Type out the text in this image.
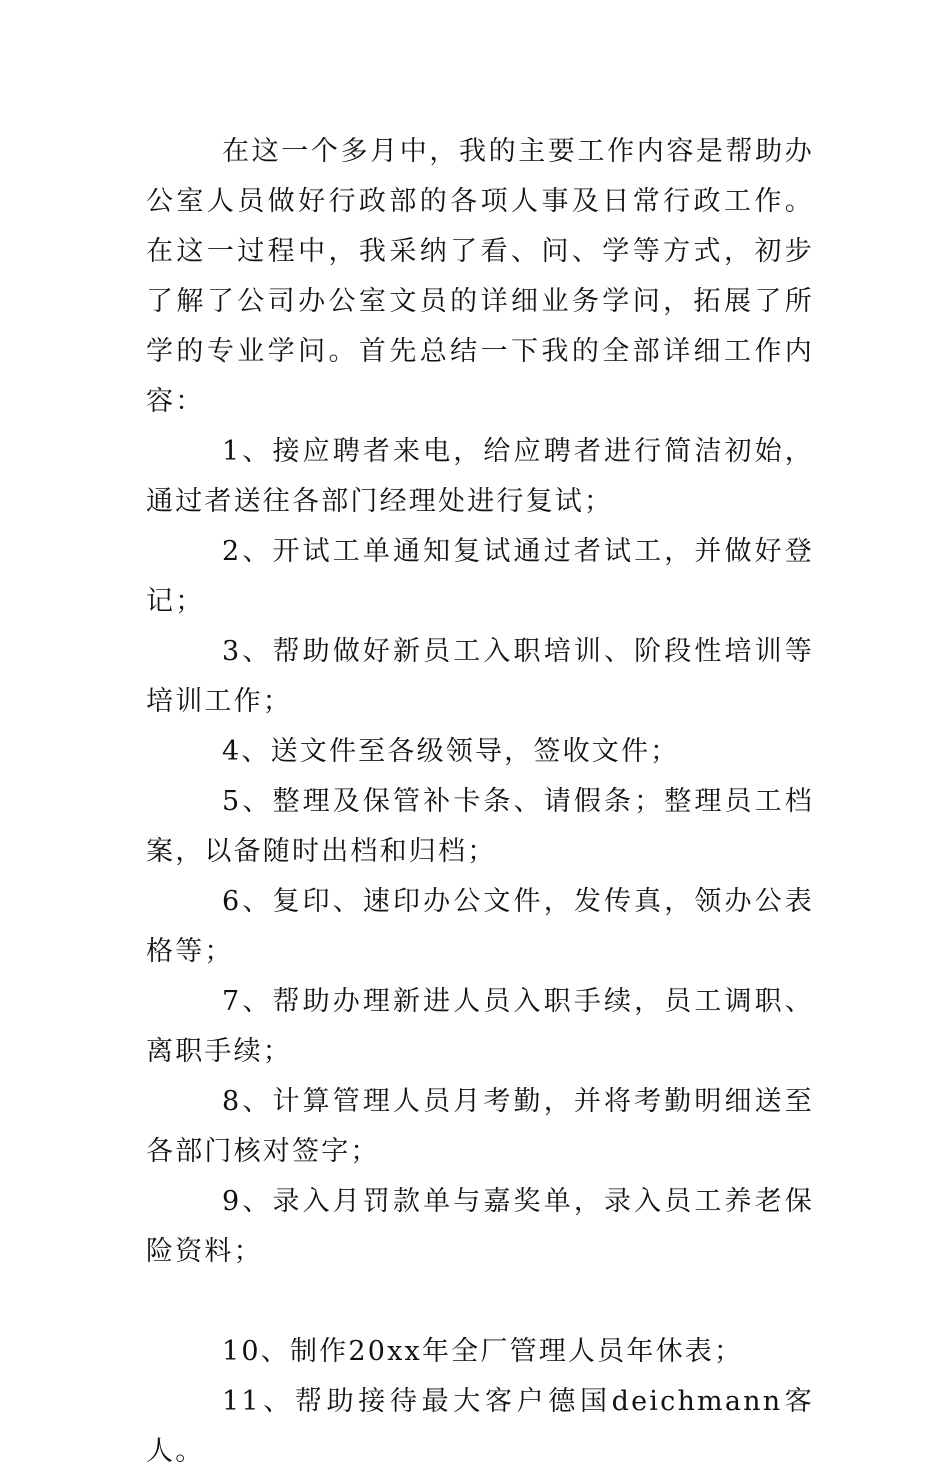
在这一个多月中，我的主要工作内容是帮助办公室人员做好行政部的各项人事及日常行政工作。在这一过程中，我采纳了看、问、学等方式，初步了解了公司办公室文员的详细业务学问，拓展了所学的专业学问。首先总结一下我的全部详细工作内容：

1、接应聘者来电，给应聘者进行简洁初始，通过者送往各部门经理处进行复试；

2、开试工单通知复试通过者试工，并做好登记；

3、帮助做好新员工入职培训、阶段性培训等培训工作；

4、送文件至各级领导，签收文件；

5、整理及保管补卡条、请假条；整理员工档案，以备随时出档和归档；

6、复印、速印办公文件，发传真，领办公表格等；

7、帮助办理新进人员入职手续，员工调职、离职手续；

8、计算管理人员月考勤，并将考勤明细送至各部门核对签字；

9、录入月罚款单与嘉奖单，录入员工养老保险资料；

10、制作20xx年全厂管理人员年休表；

11、帮助接待最大客户德国deichmann客人。
